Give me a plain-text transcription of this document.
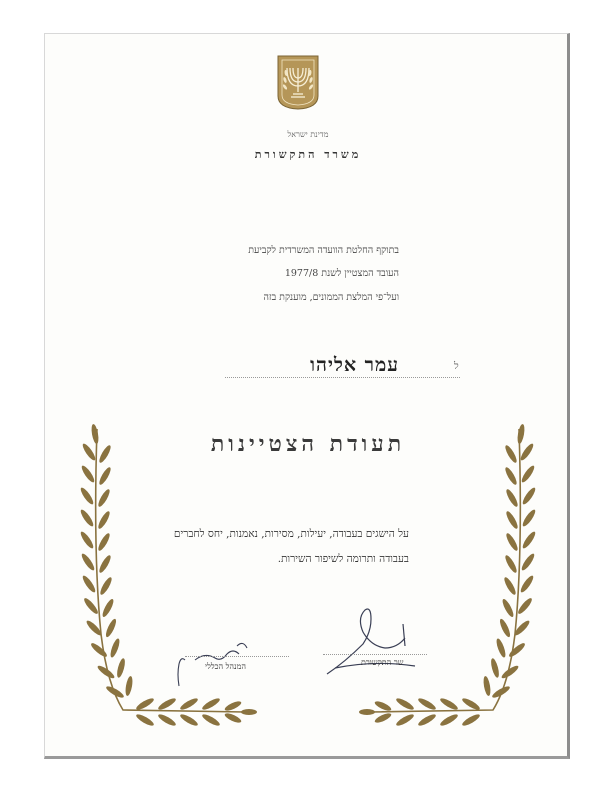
מדינת ישראל
משרד התקשורת
בתוקף החלטת הוועדה המשרדית לקביעת
העובד המצטיין לשנת 1977/8
ועל־פי המלצת הממונים, מוענקת בזה
ל
עמר אליהו
תעודת הצטיינות
על הישגים בעבודה, יעילות, מסירות, נאמנות, יחס לחברים
בעבודה ותרומה לשיפור השירות.
שר התקשורת
המנהל הכללי
